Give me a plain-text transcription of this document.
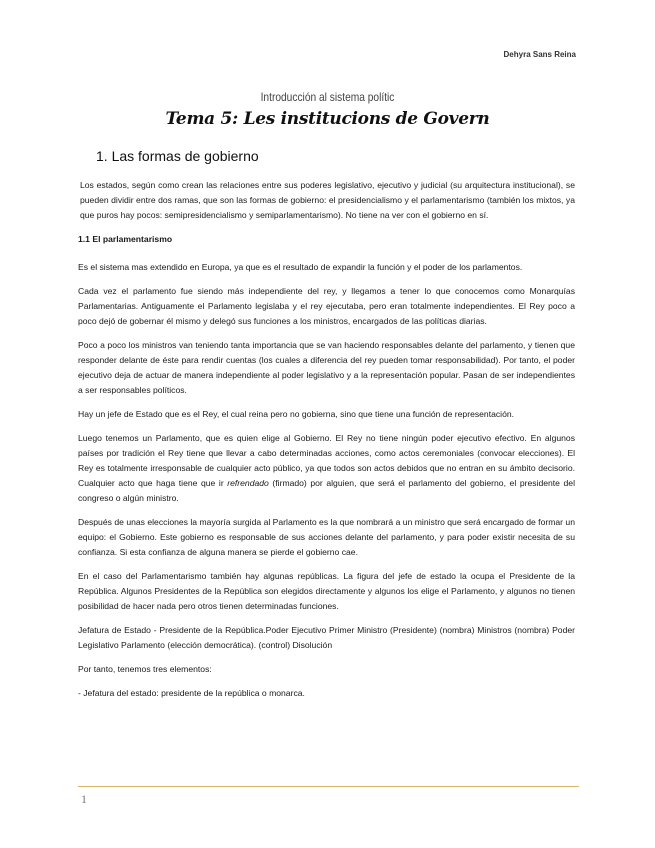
Dehyra Sans Reina
Introducción al sistema polític
Tema 5: Les institucions de Govern
1. Las formas de gobierno

Los estados, según como crean las relaciones entre sus poderes legislativo, ejecutivo y judicial (su arquitectura institucional), se pueden dividir entre dos ramas, que son las formas de gobierno: el presidencialismo y el parlamentarismo (también los mixtos, ya que puros hay pocos: semipresidencialismo y semiparlamentarismo). No tiene na ver con el gobierno en sí.

1.1 El parlamentarismo

Es el sistema mas extendido en Europa, ya que es el resultado de expandir la función y el poder de los parlamentos.

Cada vez el parlamento fue siendo más independiente del rey, y llegamos a tener lo que conocemos como Monarquías Parlamentarias. Antiguamente el Parlamento legislaba y el rey ejecutaba, pero eran totalmente independientes. El Rey poco a poco dejó de gobernar él mismo y delegó sus funciones a los ministros, encargados de las políticas diarias.

Poco a poco los ministros van teniendo tanta importancia que se van haciendo responsables delante del parlamento, y tienen que responder delante de éste para rendir cuentas (los cuales a diferencia del rey pueden tomar responsabilidad). Por tanto, el poder ejecutivo deja de actuar de manera independiente al poder legislativo y a la representación popular. Pasan de ser independientes a ser responsables políticos.

Hay un jefe de Estado que es el Rey, el cual reina pero no gobierna, sino que tiene una función de representación.

Luego tenemos un Parlamento, que es quien elige al Gobierno. El Rey no tiene ningún poder ejecutivo efectivo. En algunos países por tradición el Rey tiene que llevar a cabo determinadas acciones, como actos ceremoniales (convocar elecciones). El Rey es totalmente irresponsable de cualquier acto público, ya que todos son actos debidos que no entran en su ámbito decisorio. Cualquier acto que haga tiene que ir refrendado (firmado) por alguien, que será el parlamento del gobierno, el presidente del congreso o algún ministro.

Después de unas elecciones la mayoría surgida al Parlamento es la que nombrará a un ministro que será encargado de formar un equipo: el Gobierno. Este gobierno es responsable de sus acciones delante del parlamento, y para poder existir necesita de su confianza. Si esta confianza de alguna manera se pierde el gobierno cae.

En el caso del Parlamentarismo también hay algunas repúblicas. La figura del jefe de estado la ocupa el Presidente de la República. Algunos Presidentes de la República son elegidos directamente y algunos los elige el Parlamento, y algunos no tienen posibilidad de hacer nada pero otros tienen determinadas funciones.

Jefatura de Estado - Presidente de la República.Poder Ejecutivo Primer Ministro (Presidente) (nombra) Ministros (nombra) Poder Legislativo Parlamento (elección democrática). (control) Disolución

Por tanto, tenemos tres elementos:

- Jefatura del estado: presidente de la república o monarca.

1
